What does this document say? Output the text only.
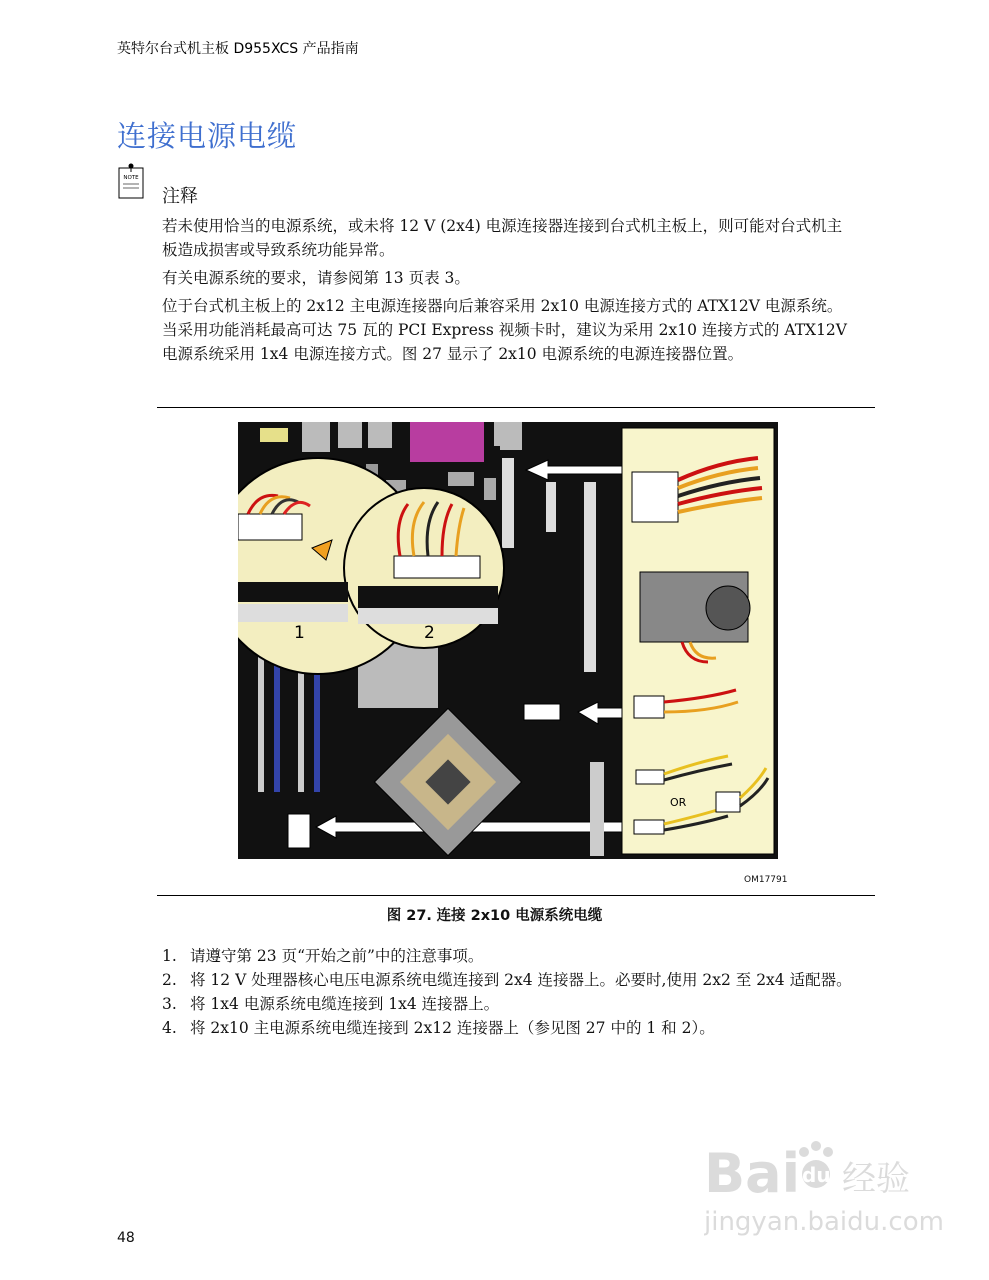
英特尔台式机主板 D955XCS 产品指南
连接电源电缆
NOTE
注释
若未使用恰当的电源系统，或未将 12 V (2x4) 电源连接器连接到台式机主板上，则可能对台式机主板造成损害或导致系统功能异常。
有关电源系统的要求，请参阅第 13 页表 3。
位于台式机主板上的 2x12 主电源连接器向后兼容采用 2x10 电源连接方式的 ATX12V 电源系统。当采用功能消耗最高可达 75 瓦的 PCI Express 视频卡时，建议为采用 2x10 连接方式的 ATX12V 电源系统采用 1x4 电源连接方式。图 27 显示了 2x10 电源系统的电源连接器位置。
1	2
OR
OM17791
图 27. 连接 2x10 电源系统电缆
1. 请遵守第 23 页“开始之前”中的注意事项。
2. 将 12 V 处理器核心电压电源系统电缆连接到 2x4 连接器上。必要时,使用 2x2 至 2x4 适配器。
3. 将 1x4 电源系统电缆连接到 1x4 连接器上。
4. 将 2x10 主电源系统电缆连接到 2x12 连接器上（参见图 27 中的 1 和 2）。
Bai du 经验
jingyan.baidu.com
48
